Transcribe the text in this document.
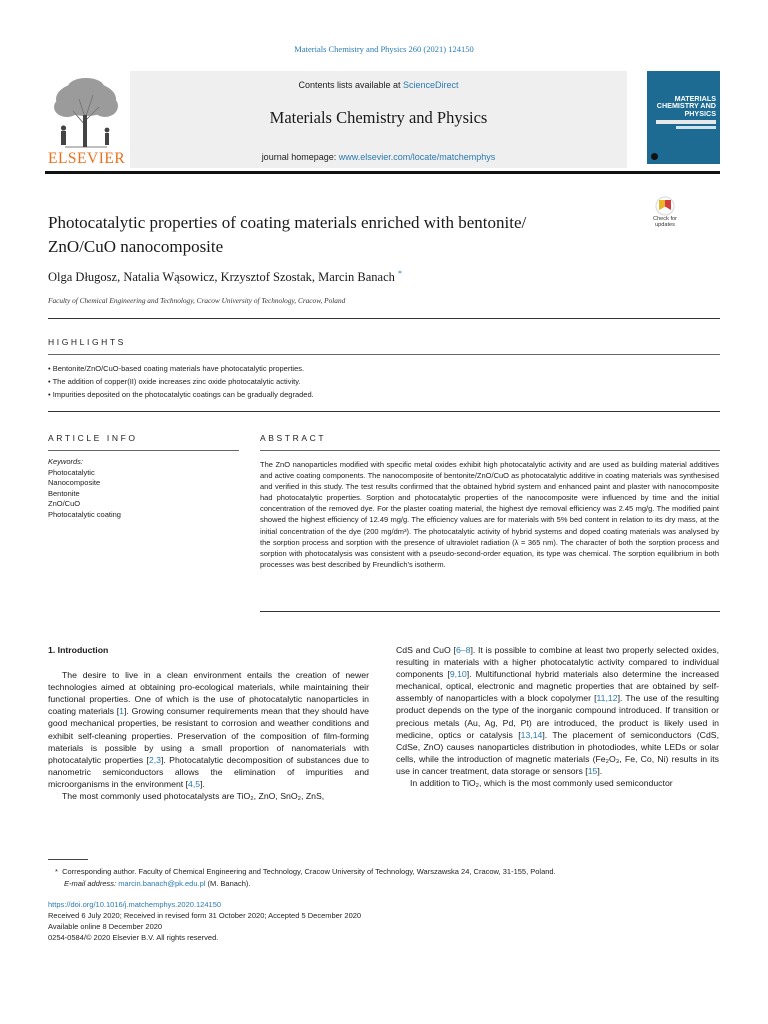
Materials Chemistry and Physics 260 (2021) 124150
ELSEVIER
Contents lists available at ScienceDirect
Materials Chemistry and Physics
journal homepage: www.elsevier.com/locate/matchemphys
MATERIALS
CHEMISTRY AND
PHYSICS
Photocatalytic properties of coating materials enriched with bentonite/
ZnO/CuO nanocomposite
Check for
updates
Olga Długosz, Natalia Wąsowicz, Krzysztof Szostak, Marcin Banach *
Faculty of Chemical Engineering and Technology, Cracow University of Technology, Cracow, Poland
HIGHLIGHTS
• Bentonite/ZnO/CuO-based coating materials have photocatalytic properties.
• The addition of copper(II) oxide increases zinc oxide photocatalytic activity.
• Impurities deposited on the photocatalytic coatings can be gradually degraded.
ARTICLE INFO
Keywords:
Photocatalytic
Nanocomposite
Bentonite
ZnO/CuO
Photocatalytic coating
ABSTRACT
The ZnO nanoparticles modified with specific metal oxides exhibit high photocatalytic activity and are used as building material additives and active coating components. The nanocomposite of bentonite/ZnO/CuO as photocatalytic additive in coating materials was synthesised and verified in this study. The test results confirmed that the obtained hybrid system and enhanced paint and plaster with nanocomposite had photocatalytic properties. Sorption and photocatalytic properties of the nanocomposite were influenced by time and the initial concentration of the removed dye. For the plaster coating material, the highest dye removal efficiency was 2.45 mg/g. The modified paint showed the highest efficiency of 12.49 mg/g. The efficiency values are for materials with 5% bed content in relation to its dry mass, at the initial concentration of the dye (200 mg/dm³). The photocatalytic activity of hybrid systems and doped coating materials was analysed by the sorption process and sorption with the presence of ultraviolet radiation (λ = 365 nm). The character of both the sorption process and sorption with photocatalysis was consistent with a pseudo-second-order equation, its type was chemical. The sorption equilibrium in both processes was best described by Freundlich's isotherm.

1. Introduction

The desire to live in a clean environment entails the creation of newer technologies aimed at obtaining pro-ecological materials, while maintaining their functional properties. One of which is the use of photocatalytic nanoparticles in coating materials [1]. Growing consumer requirements mean that they should have good mechanical properties, be resistant to corrosion and weather conditions and exhibit self-cleaning properties. Preservation of the composition of film-forming materials is possible by using a small proportion of nanomaterials with photocatalytic properties [2,3]. Photocatalytic decomposition of substances due to nanometric semiconductors allows the elimination of impurities and microorganisms in the environment [4,5].

The most commonly used photocatalysts are TiO₂, ZnO, SnO₂, ZnS,

CdS and CuO [6–8]. It is possible to combine at least two properly selected oxides, resulting in materials with a higher photocatalytic activity compared to individual components [9,10]. Multifunctional hybrid materials also determine the increased mechanical, optical, electronic and magnetic properties that are obtained by self-assembly of nanoparticles with a block copolymer [11,12]. The use of the resulting product depends on the type of the inorganic compound introduced. If transition or precious metals (Au, Ag, Pd, Pt) are introduced, the product is likely used in medicine, optics or catalysis [13,14]. The placement of semiconductors (CdS, CdSe, ZnO) causes nanoparticles distribution in photodiodes, white LEDs or solar cells, while the introduction of magnetic materials (Fe₂O₃, Fe, Co, Ni) results in its use in cancer treatment, data storage or sensors [15].

In addition to TiO₂, which is the most commonly used semiconductor

* Corresponding author. Faculty of Chemical Engineering and Technology, Cracow University of Technology, Warszawska 24, Cracow, 31-155, Poland.
E-mail address: marcin.banach@pk.edu.pl (M. Banach).
https://doi.org/10.1016/j.matchemphys.2020.124150
Received 6 July 2020; Received in revised form 31 October 2020; Accepted 5 December 2020
Available online 8 December 2020
0254-0584/© 2020 Elsevier B.V. All rights reserved.
